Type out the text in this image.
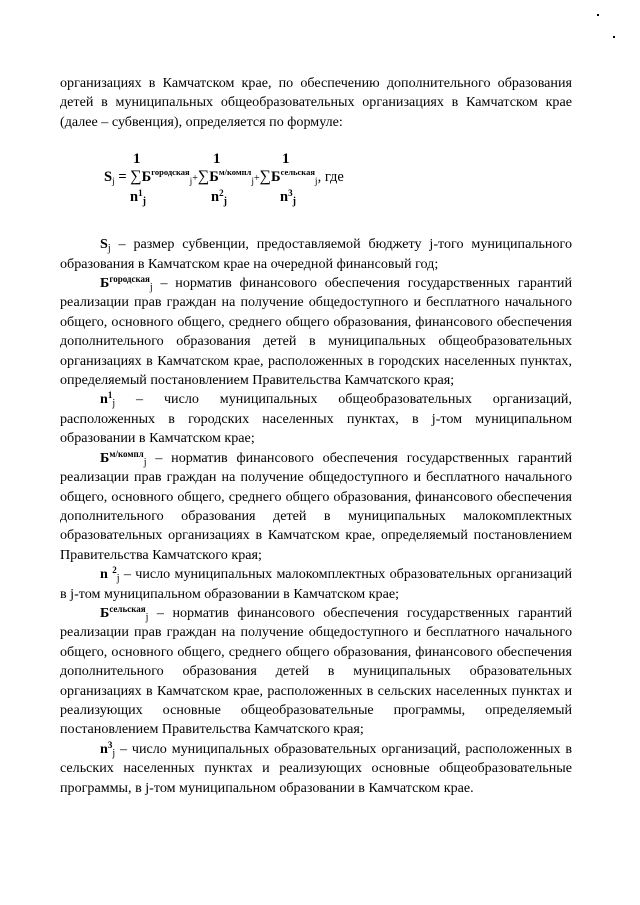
организациях в Камчатском крае, по обеспечению дополнительного образования детей в муниципальных общеобразовательных организациях в Камчатском крае (далее – субвенция), определяется по формуле:

1	1	1
$S_j = \sum Б^{городская}_j+\sum Б^{м/компл}_j+\sum Б^{сельская}_j$, где
$n^1_j$	$n^2_j$	$n^3_j$

$S_j$ – размер субвенции, предоставляемой бюджету j-того муниципального образования в Камчатском крае на очередной финансовый год;

$Б^{городская}_j$ – норматив финансового обеспечения государственных гарантий реализации прав граждан на получение общедоступного и бесплатного начального общего, основного общего, среднего общего образования, финансового обеспечения дополнительного образования детей в муниципальных общеобразовательных организациях в Камчатском крае, расположенных в городских населенных пунктах, определяемый постановлением Правительства Камчатского края;

$n^1_j$ – число муниципальных общеобразовательных организаций, расположенных в городских населенных пунктах, в j-том муниципальном образовании в Камчатском крае;

$Б^{м/компл}_j$ – норматив финансового обеспечения государственных гарантий реализации прав граждан на получение общедоступного и бесплатного начального общего, основного общего, среднего общего образования, финансового обеспечения дополнительного образования детей в муниципальных малокомплектных образовательных организациях в Камчатском крае, определяемый постановлением Правительства Камчатского края;

n $^2_j$ – число муниципальных малокомплектных образовательных организаций в j-том муниципальном образовании в Камчатском крае;

$Б^{сельская}_j$ – норматив финансового обеспечения государственных гарантий реализации прав граждан на получение общедоступного и бесплатного начального общего, основного общего, среднего общего образования, финансового обеспечения дополнительного образования детей в муниципальных образовательных организациях в Камчатском крае, расположенных в сельских населенных пунктах и реализующих основные общеобразовательные программы, определяемый постановлением Правительства Камчатского края;

$n^3_j$ – число муниципальных образовательных организаций, расположенных в сельских населенных пунктах и реализующих основные общеобразовательные программы, в j-том муниципальном образовании в Камчатском крае.
